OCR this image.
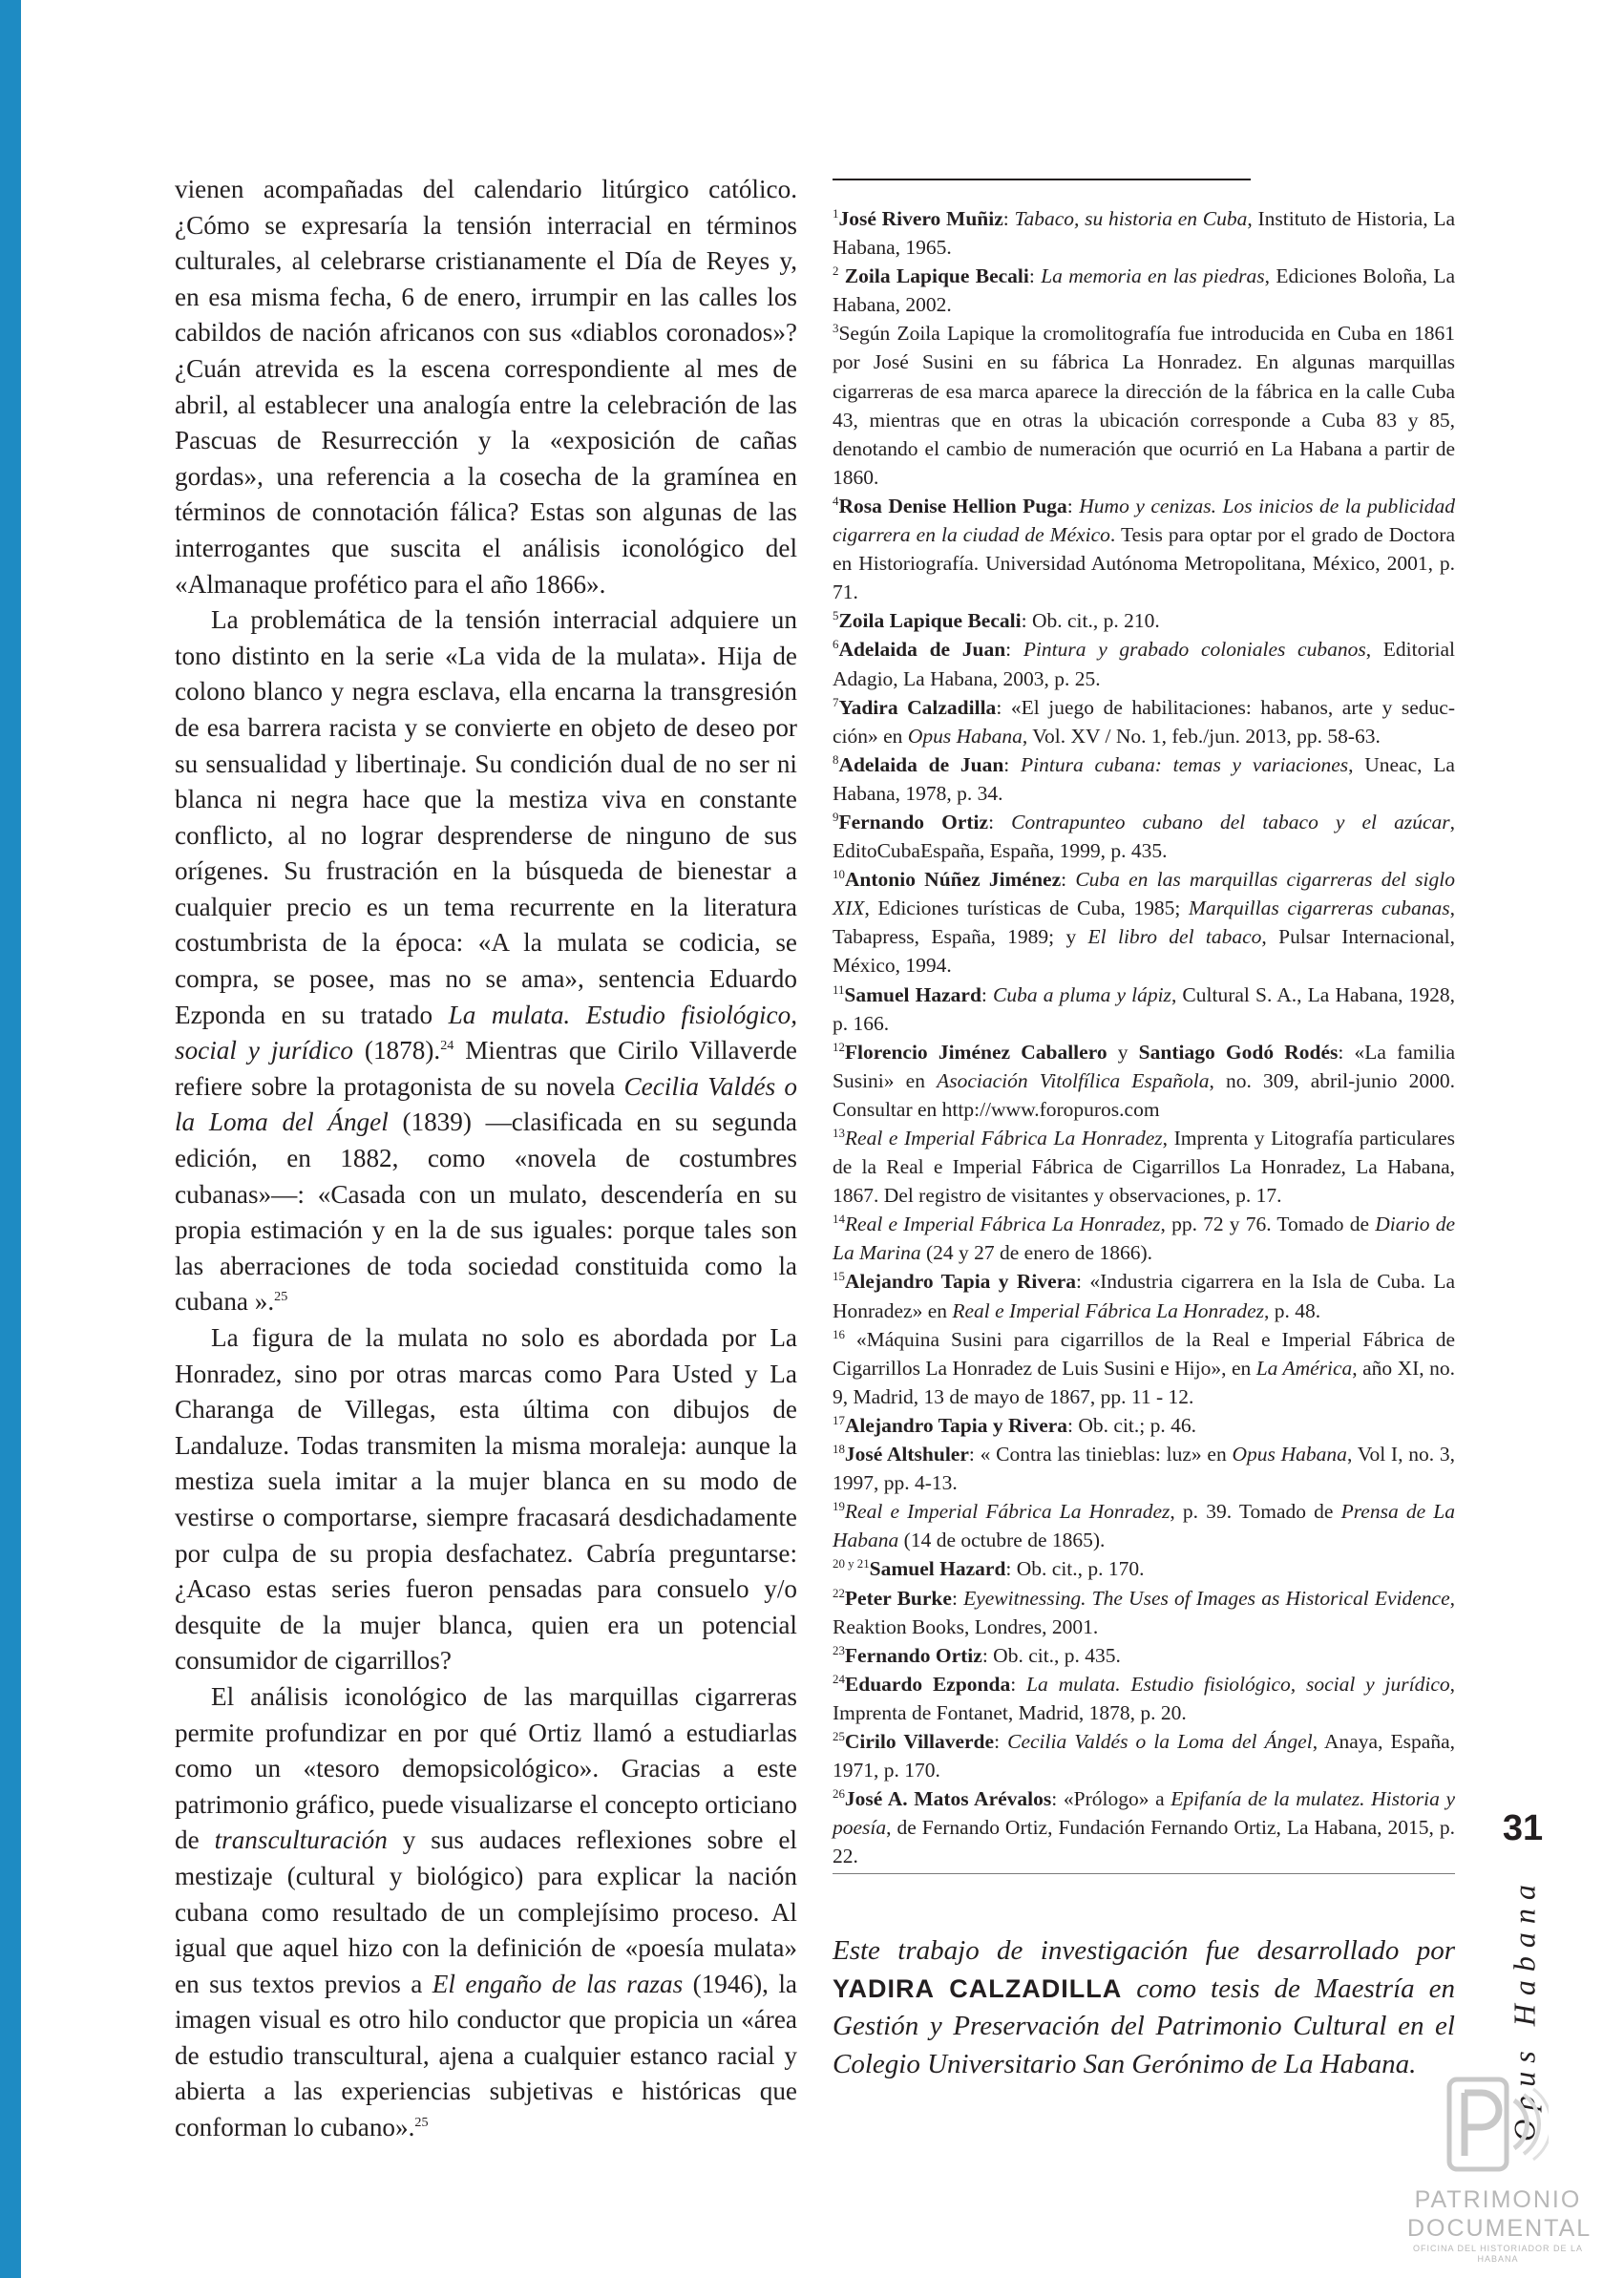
vienen acompañadas del calendario litúrgico católico. ¿Cómo se expresaría la tensión interracial en términos culturales, al celebrarse cristianamente el Día de Reyes y, en esa misma fecha, 6 de enero, irrumpir en las calles los cabildos de nación africanos con sus «diablos coronados»? ¿Cuán atrevida es la escena correspondiente al mes de abril, al establecer una analogía entre la celebración de las Pascuas de Resurrección y la «exposición de cañas gordas», una referencia a la cosecha de la gramínea en términos de connotación fálica? Estas son algunas de las interrogantes que suscita el análisis iconológico del «Almanaque profético para el año 1866».

La problemática de la tensión interracial adquiere un tono distinto en la serie «La vida de la mulata». Hija de colono blanco y negra esclava, ella encarna la transgresión de esa barrera racista y se convierte en objeto de deseo por su sensualidad y libertinaje. Su condición dual de no ser ni blanca ni negra hace que la mestiza viva en constante conflicto, al no lograr desprenderse de ninguno de sus orígenes. Su frustración en la búsqueda de bienestar a cualquier precio es un tema recurrente en la literatura costumbrista de la época: «A la mulata se codicia, se compra, se posee, mas no se ama», sentencia Eduardo Ezponda en su tratado La mulata. Estudio fisiológico, social y jurídico (1878).$^{24}$ Mientras que Cirilo Villaverde refiere sobre la protagonista de su novela Cecilia Valdés o la Loma del Ángel (1839) —clasificada en su segunda edición, en 1882, como «novela de costumbres cubanas»—: «Casada con un mulato, descendería en su propia estimación y en la de sus iguales: porque tales son las aberraciones de toda sociedad constituida como la cubana ».$^{25}$

La figura de la mulata no solo es abordada por La Honradez, sino por otras marcas como Para Usted y La Charanga de Villegas, esta última con dibujos de Landaluze. Todas transmiten la misma moraleja: aunque la mestiza suela imitar a la mujer blanca en su modo de vestirse o comportarse, siempre fracasará desdichadamente por culpa de su propia desfachatez. Cabría preguntarse: ¿Acaso estas series fueron pensadas para consuelo y/o desquite de la mujer blanca, quien era un potencial consumidor de cigarrillos?

El análisis iconológico de las marquillas cigarreras permite profundizar en por qué Ortiz llamó a estudiarlas como un «tesoro demopsicológico». Gracias a este patrimonio gráfico, puede visualizarse el concepto orticiano de transculturación y sus audaces reflexiones sobre el mestizaje (cultural y biológico) para explicar la nación cubana como resultado de un complejísimo proceso. Al igual que aquel hizo con la definición de «poesía mulata» en sus textos previos a El engaño de las razas (1946), la imagen visual es otro hilo conductor que propicia un «área de estudio transcultural, ajena a cualquier estanco racial y abierta a las experiencias subjetivas e históricas que conforman lo cubano».$^{25}$

$^1$José Rivero Muñiz: Tabaco, su historia en Cuba, Instituto de Historia, La Habana, 1965.

$^2$ Zoila Lapique Becali: La memoria en las piedras, Ediciones Boloña, La Habana, 2002.

$^3$Según Zoila Lapique la cromolitografía fue introducida en Cuba en 1861 por José Susini en su fábrica La Honradez. En algunas marquillas cigarreras de esa marca aparece la dirección de la fábrica en la calle Cuba 43, mientras que en otras la ubicación corresponde a Cuba 83 y 85, denotando el cambio de numeración que ocurrió en La Habana a partir de 1860.

$^4$Rosa Denise Hellion Puga: Humo y cenizas. Los inicios de la publicidad cigarrera en la ciudad de México. Tesis para optar por el grado de Doctora en Historiografía. Universidad Autónoma Metropolitana, México, 2001, p. 71.

$^5$Zoila Lapique Becali: Ob. cit., p. 210.

$^6$Adelaida de Juan: Pintura y grabado coloniales cubanos, Editorial Adagio, La Habana, 2003, p. 25.

$^7$Yadira Calzadilla: «El juego de habilitaciones: habanos, arte y seducción» en Opus Habana, Vol. XV / No. 1, feb./jun. 2013, pp. 58-63.

$^8$Adelaida de Juan: Pintura cubana: temas y variaciones, Uneac, La Habana, 1978, p. 34.

$^9$Fernando Ortiz: Contrapunteo cubano del tabaco y el azúcar, EditoCubaEspaña, España, 1999, p. 435.

$^{10}$Antonio Núñez Jiménez: Cuba en las marquillas cigarreras del siglo XIX, Ediciones turísticas de Cuba, 1985; Marquillas cigarreras cubanas, Tabapress, España, 1989; y El libro del tabaco, Pulsar Internacional, México, 1994.

$^{11}$Samuel Hazard: Cuba a pluma y lápiz, Cultural S. A., La Habana, 1928, p. 166.

$^{12}$Florencio Jiménez Caballero y Santiago Godó Rodés: «La familia Susini» en Asociación Vitolfílica Española, no. 309, abril-junio 2000. Consultar en http://www.foropuros.com

$^{13}$Real e Imperial Fábrica La Honradez, Imprenta y Litografía particulares de la Real e Imperial Fábrica de Cigarrillos La Honradez, La Habana, 1867. Del registro de visitantes y observaciones, p. 17.

$^{14}$Real e Imperial Fábrica La Honradez, pp. 72 y 76. Tomado de Diario de La Marina (24 y 27 de enero de 1866).

$^{15}$Alejandro Tapia y Rivera: «Industria cigarrera en la Isla de Cuba. La Honradez» en Real e Imperial Fábrica La Honradez, p. 48.

$^{16}$ «Máquina Susini para cigarrillos de la Real e Imperial Fábrica de Cigarrillos La Honradez de Luis Susini e Hijo», en La América, año XI, no. 9, Madrid, 13 de mayo de 1867, pp. 11 - 12.

$^{17}$Alejandro Tapia y Rivera: Ob. cit.; p. 46.

$^{18}$José Altshuler: « Contra las tinieblas: luz» en Opus Habana, Vol I, no. 3, 1997, pp. 4-13.

$^{19}$Real e Imperial Fábrica La Honradez, p. 39. Tomado de Prensa de La Habana (14 de octubre de 1865).

$^{20 y 21}$Samuel Hazard: Ob. cit., p. 170.

$^{22}$Peter Burke: Eyewitnessing. The Uses of Images as Historical Evidence, Reaktion Books, Londres, 2001.

$^{23}$Fernando Ortiz: Ob. cit., p. 435.

$^{24}$Eduardo Ezponda: La mulata. Estudio fisiológico, social y jurídico, Imprenta de Fontanet, Madrid, 1878, p. 20.

$^{25}$Cirilo Villaverde: Cecilia Valdés o la Loma del Ángel, Anaya, España, 1971, p. 170.

$^{26}$José A. Matos Arévalos: «Prólogo» a Epifanía de la mulatez. Historia y poesía, de Fernando Ortiz, Fundación Fernando Ortiz, La Habana, 2015, p. 22.

Este trabajo de investigación fue desarrollado por YADIRA CALZADILLA como tesis de Maestría en Gestión y Preservación del Patrimonio Cultural en el Colegio Universitario San Gerónimo de La Habana.
31
Opus Habana
PATRIMONIO
DOCUMENTAL
OFICINA DEL HISTORIADOR DE LA HABANA
